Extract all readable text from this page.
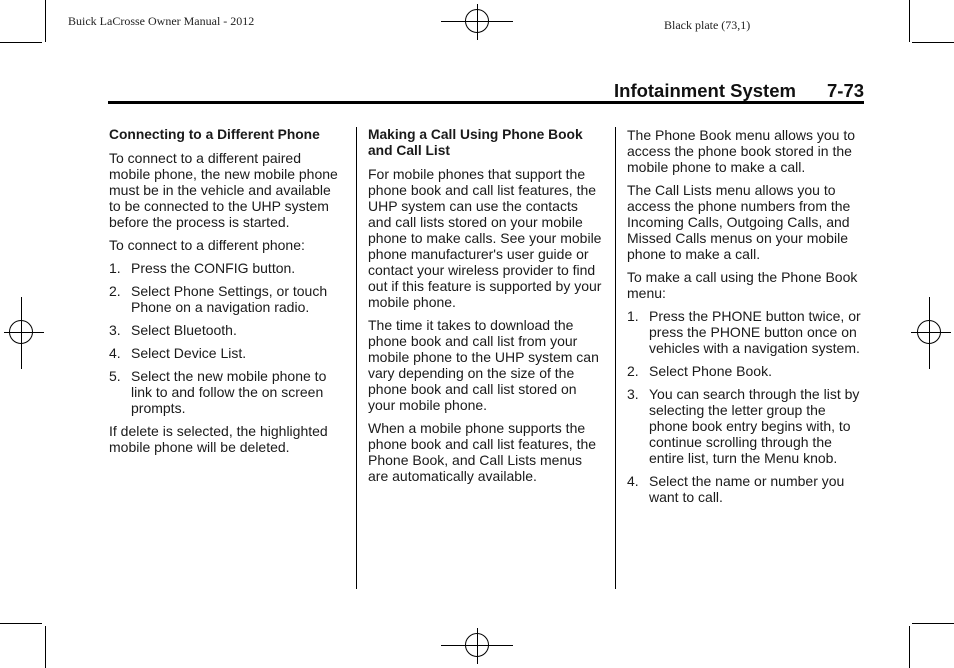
Buick LaCrosse Owner Manual - 2012	Black plate (73,1)
Infotainment System 7-73
Connecting to a Different Phone

To connect to a different paired mobile phone, the new mobile phone must be in the vehicle and available to be connected to the UHP system before the process is started.

To connect to a different phone:

1. Press the CONFIG button.
2. Select Phone Settings, or touch Phone on a navigation radio.
3. Select Bluetooth.
4. Select Device List.
5. Select the new mobile phone to link to and follow the on screen prompts.

If delete is selected, the highlighted mobile phone will be deleted.

Making a Call Using Phone Book and Call List

For mobile phones that support the phone book and call list features, the UHP system can use the contacts and call lists stored on your mobile phone to make calls. See your mobile phone manufacturer's user guide or contact your wireless provider to find out if this feature is supported by your mobile phone.

The time it takes to download the phone book and call list from your mobile phone to the UHP system can vary depending on the size of the phone book and call list stored on your mobile phone.

When a mobile phone supports the phone book and call list features, the Phone Book, and Call Lists menus are automatically available.

The Phone Book menu allows you to access the phone book stored in the mobile phone to make a call.

The Call Lists menu allows you to access the phone numbers from the Incoming Calls, Outgoing Calls, and Missed Calls menus on your mobile phone to make a call.

To make a call using the Phone Book menu:

1. Press the PHONE button twice, or press the PHONE button once on vehicles with a navigation system.
2. Select Phone Book.
3. You can search through the list by selecting the letter group the phone book entry begins with, to continue scrolling through the entire list, turn the Menu knob.
4. Select the name or number you want to call.
